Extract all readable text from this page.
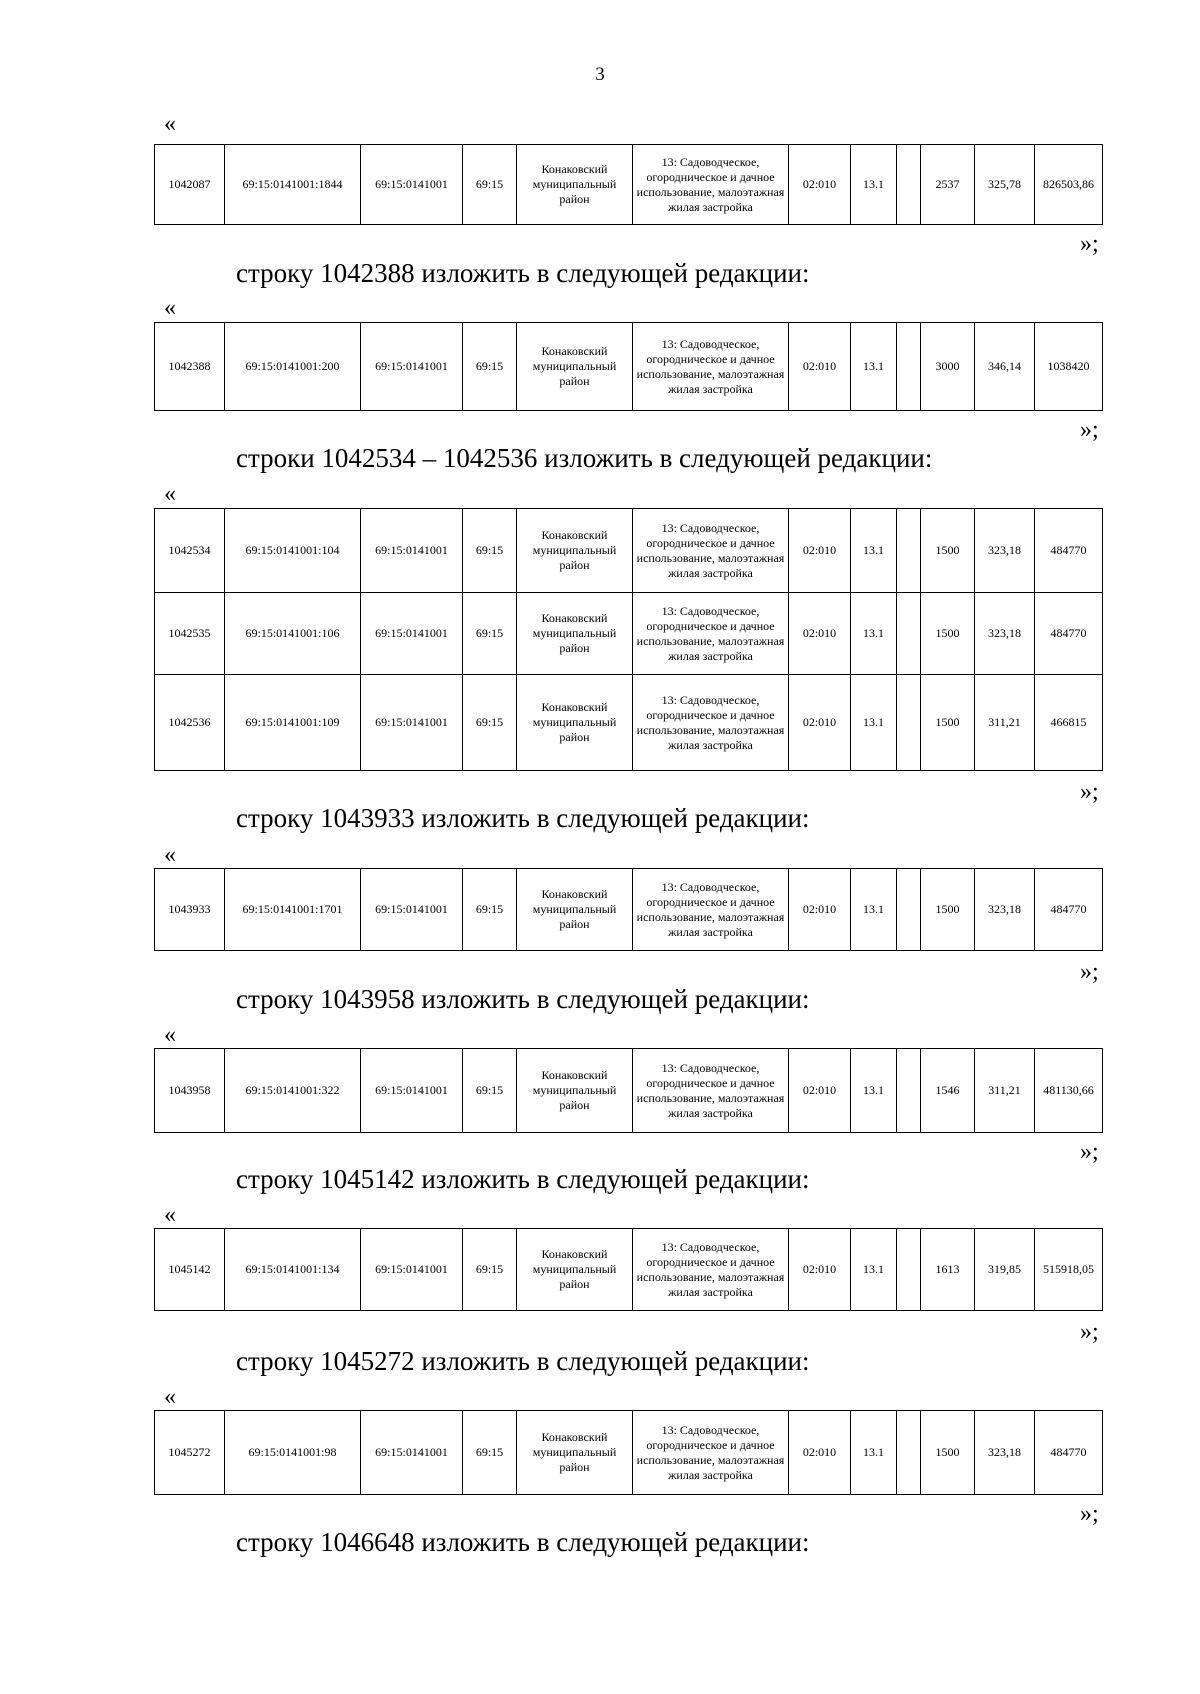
3
«
1042087	69:15:0141001:1844	69:15:0141001	69:15	Конаковский муниципальный район	13: Садоводческое, огородническое и дачное использование, малоэтажная жилая застройка	02:010	13.1		2537	325,78	826503,86
»;
строку 1042388 изложить в следующей редакции:
«
1042388	69:15:0141001:200	69:15:0141001	69:15	Конаковский муниципальный район	13: Садоводческое, огородническое и дачное использование, малоэтажная жилая застройка	02:010	13.1		3000	346,14	1038420
»;
строки 1042534 – 1042536 изложить в следующей редакции:
«
1042534	69:15:0141001:104	69:15:0141001	69:15	Конаковский муниципальный район	13: Садоводческое, огородническое и дачное использование, малоэтажная жилая застройка	02:010	13.1		1500	323,18	484770
1042535	69:15:0141001:106	69:15:0141001	69:15	Конаковский муниципальный район	13: Садоводческое, огородническое и дачное использование, малоэтажная жилая застройка	02:010	13.1		1500	323,18	484770
1042536	69:15:0141001:109	69:15:0141001	69:15	Конаковский муниципальный район	13: Садоводческое, огородническое и дачное использование, малоэтажная жилая застройка	02:010	13.1		1500	311,21	466815
»;
строку 1043933 изложить в следующей редакции:
«
1043933	69:15:0141001:1701	69:15:0141001	69:15	Конаковский муниципальный район	13: Садоводческое, огородническое и дачное использование, малоэтажная жилая застройка	02:010	13.1		1500	323,18	484770
»;
строку 1043958 изложить в следующей редакции:
«
1043958	69:15:0141001:322	69:15:0141001	69:15	Конаковский муниципальный район	13: Садоводческое, огородническое и дачное использование, малоэтажная жилая застройка	02:010	13.1		1546	311,21	481130,66
»;
строку 1045142 изложить в следующей редакции:
«
1045142	69:15:0141001:134	69:15:0141001	69:15	Конаковский муниципальный район	13: Садоводческое, огородническое и дачное использование, малоэтажная жилая застройка	02:010	13.1		1613	319,85	515918,05
»;
строку 1045272 изложить в следующей редакции:
«
1045272	69:15:0141001:98	69:15:0141001	69:15	Конаковский муниципальный район	13: Садоводческое, огородническое и дачное использование, малоэтажная жилая застройка	02:010	13.1		1500	323,18	484770
»;
строку 1046648 изложить в следующей редакции:
